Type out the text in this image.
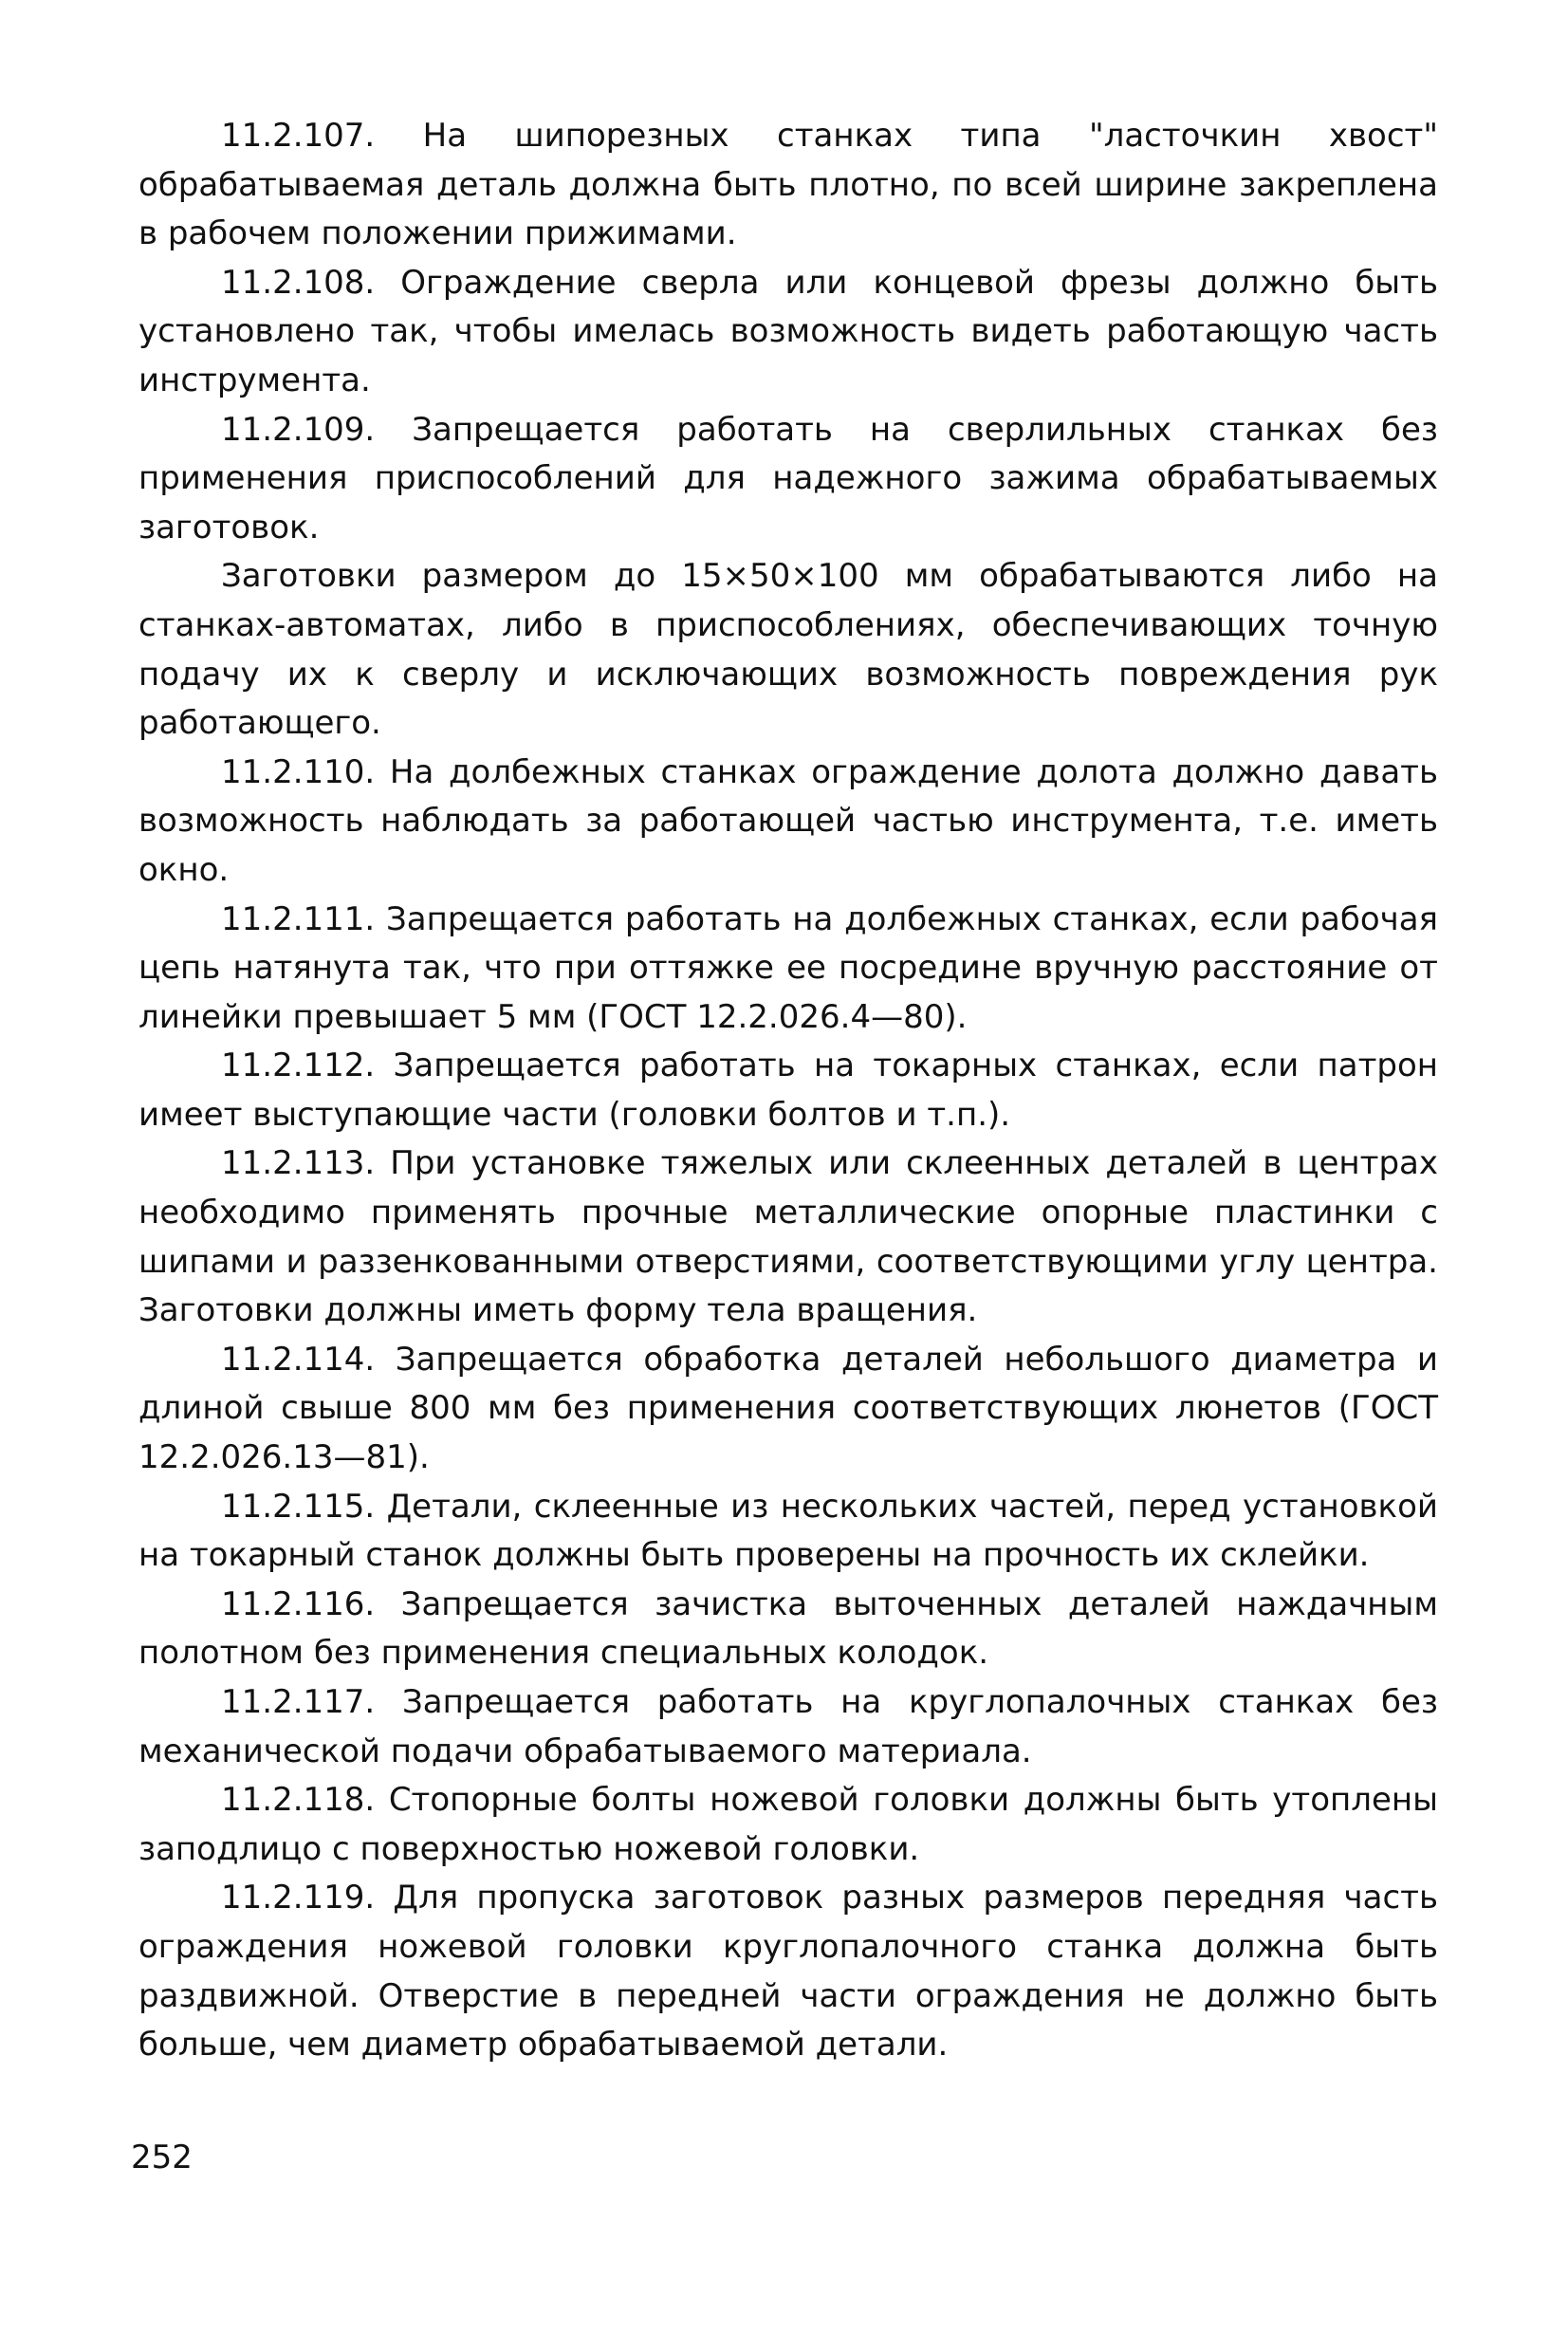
11.2.107. На шипорезных станках типа "ласточкин хвост" обрабатываемая деталь должна быть плотно, по всей ширине закреплена в рабочем положении прижимами.

11.2.108. Ограждение сверла или концевой фрезы должно быть установлено так, чтобы имелась возможность видеть работающую часть инструмента.

11.2.109. Запрещается работать на сверлильных станках без применения приспособлений для надежного зажима обрабатываемых заготовок.

Заготовки размером до 15×50×100 мм обрабатываются либо на станках-автоматах, либо в приспособлениях, обеспечивающих точную подачу их к сверлу и исключающих возможность повреждения рук работающего.

11.2.110. На долбежных станках ограждение долота должно давать возможность наблюдать за работающей частью инструмента, т.е. иметь окно.

11.2.111. Запрещается работать на долбежных станках, если рабочая цепь натянута так, что при оттяжке ее посредине вручную расстояние от линейки превышает 5 мм (ГОСТ 12.2.026.4—80).

11.2.112. Запрещается работать на токарных станках, если патрон имеет выступающие части (головки болтов и т.п.).

11.2.113. При установке тяжелых или склеенных деталей в центрах необходимо применять прочные металлические опорные пластинки с шипами и раззенкованными отверстиями, соответствующими углу центра. Заготовки должны иметь форму тела вращения.

11.2.114. Запрещается обработка деталей небольшого диаметра и длиной свыше 800 мм без применения соответствующих люнетов (ГОСТ 12.2.026.13—81).

11.2.115. Детали, склеенные из нескольких частей, перед установкой на токарный станок должны быть проверены на прочность их склейки.

11.2.116. Запрещается зачистка выточенных деталей наждачным полотном без применения специальных колодок.

11.2.117. Запрещается работать на круглопалочных станках без механической подачи обрабатываемого материала.

11.2.118. Стопорные болты ножевой головки должны быть утоплены заподлицо с поверхностью ножевой головки.

11.2.119. Для пропуска заготовок разных размеров передняя часть ограждения ножевой головки круглопалочного станка должна быть раздвижной. Отверстие в передней части ограждения не должно быть больше, чем диаметр обрабатываемой детали.

252
